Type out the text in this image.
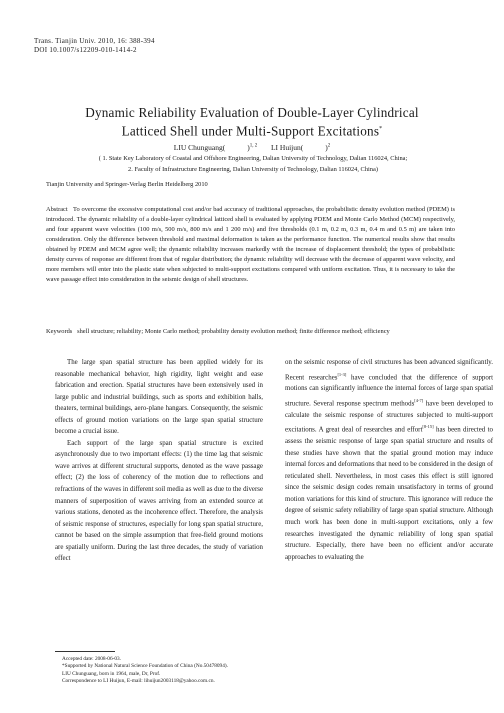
Trans. Tianjin Univ. 2010, 16: 388-394
DOI 10.1007/s12209-010-1414-2
Dynamic Reliability Evaluation of Double-Layer Cylindrical
Latticed Shell under Multi-Support Excitations*
LIU Chunguang(	)$^{1, 2}$ LI Huijun(	)$^2$
( 1. State Key Laboratory of Coastal and Offshore Engineering, Dalian University of Technology, Dalian 116024, China;
2. Faculty of Infrastructure Engineering, Dalian University of Technology, Dalian 116024, China)
Tianjin University and Springer-Verlag Berlin Heidelberg 2010
Abstract To overcome the excessive computational cost and/or bad accuracy of traditional approaches, the probabilistic density evolution method (PDEM) is introduced. The dynamic reliability of a double-layer cylindrical latticed shell is evaluated by applying PDEM and Monte Carlo Method (MCM) respectively, and four apparent wave velocities (100 m/s, 500 m/s, 800 m/s and 1 200 m/s) and five thresholds (0.1 m, 0.2 m, 0.3 m, 0.4 m and 0.5 m) are taken into consideration. Only the difference between threshold and maximal deformation is taken as the performance function. The numerical results show that results obtained by PDEM and MCM agree well; the dynamic reliability increases markedly with the increase of displacement threshold; the types of probabilistic density curves of response are different from that of regular distribution; the dynamic reliability will decrease with the decrease of apparent wave velocity, and more members will enter into the plastic state when subjected to multi-support excitations compared with uniform excitation. Thus, it is necessary to take the wave passage effect into consideration in the seismic design of shell structures.
Keywords shell structure; reliability; Monte Carlo method; probability density evolution method; finite difference method; efficiency

The large span spatial structure has been applied widely for its reasonable mechanical behavior, high rigidity, light weight and ease fabrication and erection. Spatial structures have been extensively used in large public and industrial buildings, such as sports and exhibition halls, theaters, terminal buildings, aero-plane hangars. Consequently, the seismic effects of ground motion variations on the large span spatial structure become a crucial issue.

Each support of the large span spatial structure is excited asynchronously due to two important effects: (1) the time lag that seismic wave arrives at different structural supports, denoted as the wave passage effect; (2) the loss of coherency of the motion due to reflections and refractions of the waves in different soil media as well as due to the diverse manners of superposition of waves arriving from an extended source at various stations, denoted as the incoherence effect. Therefore, the analysis of seismic response of structures, especially for long span spatial structure, cannot be based on the simple assumption that free-field ground motions are spatially uniform. During the last three decades, the study of variation effect

on the seismic response of civil structures has been advanced significantly. Recent researches[1-3] have concluded that the difference of support motions can significantly influence the internal forces of large span spatial structure. Several response spectrum methods[4-7] have been developed to calculate the seismic response of structures subjected to multi-support excitations. A great deal of researches and effort[8-15] has been directed to assess the seismic response of large span spatial structure and results of these studies have shown that the spatial ground motion may induce internal forces and deformations that need to be considered in the design of reticulated shell. Nevertheless, in most cases this effect is still ignored since the seismic design codes remain unsatisfactory in terms of ground motion variations for this kind of structure. This ignorance will reduce the degree of seismic safety reliability of large span spatial structure. Although much work has been done in multi-support excitations, only a few researches investigated the dynamic reliability of long span spatial structure. Especially, there have been no efficient and/or accurate approaches to evaluating the

Accepted date: 2008-06-03.
*Supported by National Natural Science Foundation of China (No.50478094).
LIU Chunguang, born in 1964, male, Dr, Prof.
Correspondence to LI Huijun, E-mail: lihuijun2003118@yahoo.com.cn.
